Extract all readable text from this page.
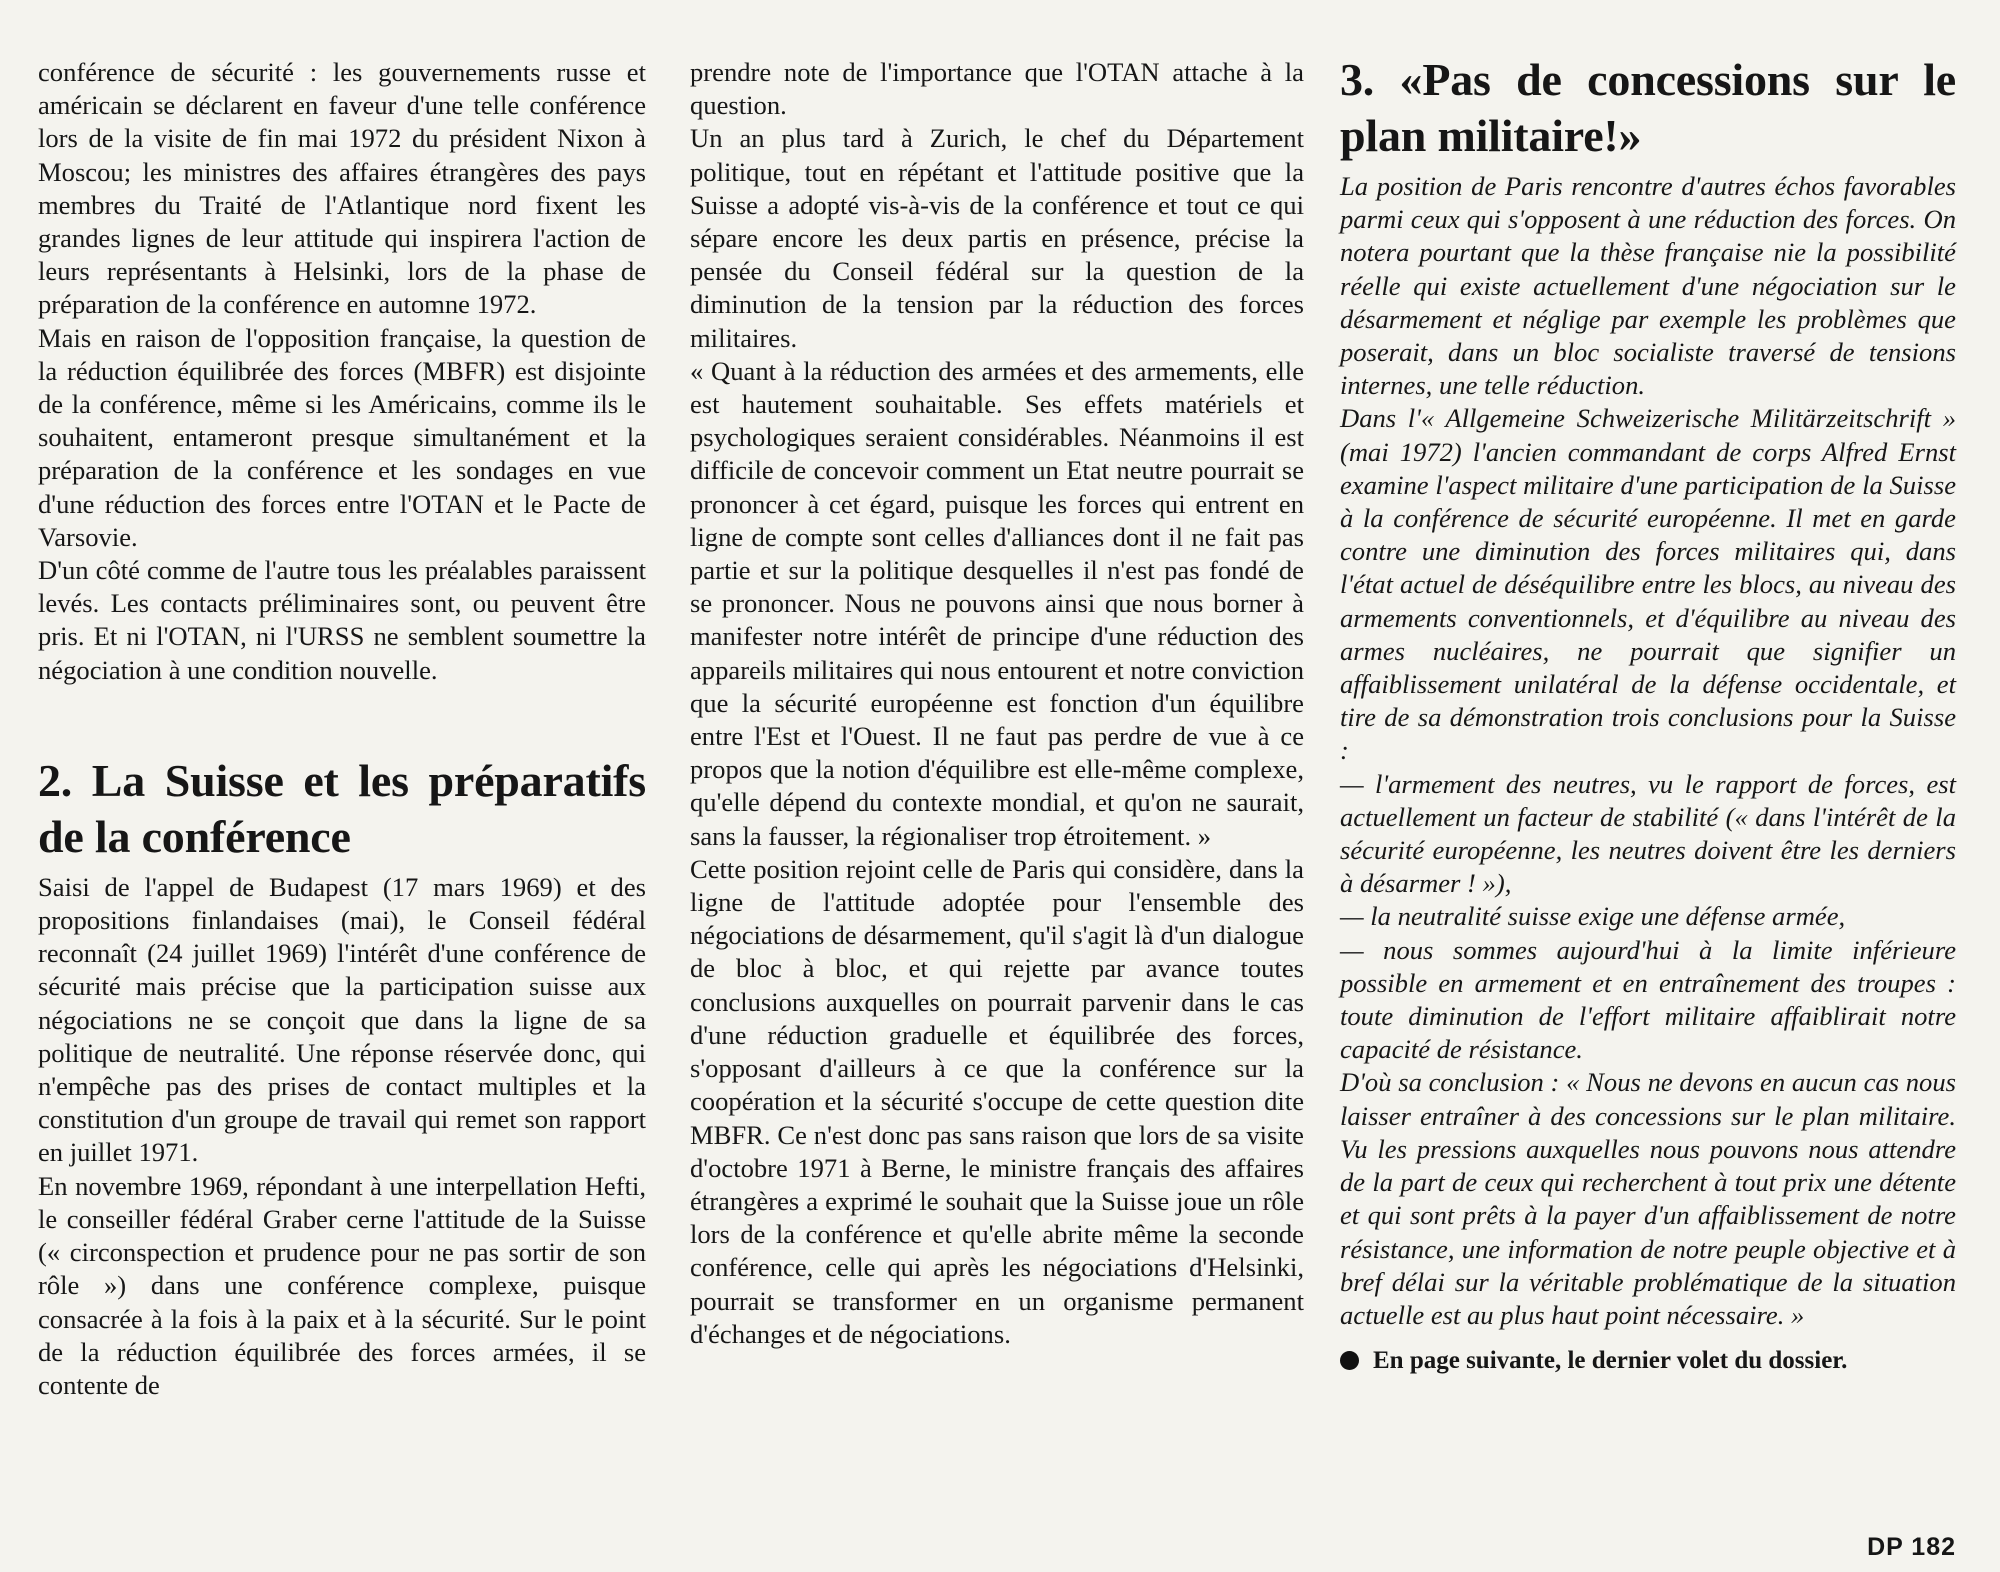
conférence de sécurité : les gouvernements russe et américain se déclarent en faveur d'une telle conférence lors de la visite de fin mai 1972 du président Nixon à Moscou; les ministres des affaires étrangères des pays membres du Traité de l'Atlantique nord fixent les grandes lignes de leur attitude qui inspirera l'action de leurs représentants à Helsinki, lors de la phase de préparation de la conférence en automne 1972.

Mais en raison de l'opposition française, la question de la réduction équilibrée des forces (MBFR) est disjointe de la conférence, même si les Américains, comme ils le souhaitent, entameront presque simultanément et la préparation de la conférence et les sondages en vue d'une réduction des forces entre l'OTAN et le Pacte de Varsovie.

D'un côté comme de l'autre tous les préalables paraissent levés. Les contacts préliminaires sont, ou peuvent être pris. Et ni l'OTAN, ni l'URSS ne semblent soumettre la négociation à une condition nouvelle.

2. La Suisse et les préparatifs de la conférence

Saisi de l'appel de Budapest (17 mars 1969) et des propositions finlandaises (mai), le Conseil fédéral reconnaît (24 juillet 1969) l'intérêt d'une conférence de sécurité mais précise que la participation suisse aux négociations ne se conçoit que dans la ligne de sa politique de neutralité. Une réponse réservée donc, qui n'empêche pas des prises de contact multiples et la constitution d'un groupe de travail qui remet son rapport en juillet 1971.

En novembre 1969, répondant à une interpellation Hefti, le conseiller fédéral Graber cerne l'attitude de la Suisse (« circonspection et prudence pour ne pas sortir de son rôle ») dans une conférence complexe, puisque consacrée à la fois à la paix et à la sécurité. Sur le point de la réduction équilibrée des forces armées, il se contente de

prendre note de l'importance que l'OTAN attache à la question.

Un an plus tard à Zurich, le chef du Département politique, tout en répétant et l'attitude positive que la Suisse a adopté vis-à-vis de la conférence et tout ce qui sépare encore les deux partis en présence, précise la pensée du Conseil fédéral sur la question de la diminution de la tension par la réduction des forces militaires.

« Quant à la réduction des armées et des armements, elle est hautement souhaitable. Ses effets matériels et psychologiques seraient considérables. Néanmoins il est difficile de concevoir comment un Etat neutre pourrait se prononcer à cet égard, puisque les forces qui entrent en ligne de compte sont celles d'alliances dont il ne fait pas partie et sur la politique desquelles il n'est pas fondé de se prononcer. Nous ne pouvons ainsi que nous borner à manifester notre intérêt de principe d'une réduction des appareils militaires qui nous entourent et notre conviction que la sécurité européenne est fonction d'un équilibre entre l'Est et l'Ouest. Il ne faut pas perdre de vue à ce propos que la notion d'équilibre est elle-même complexe, qu'elle dépend du contexte mondial, et qu'on ne saurait, sans la fausser, la régionaliser trop étroitement. »

Cette position rejoint celle de Paris qui considère, dans la ligne de l'attitude adoptée pour l'ensemble des négociations de désarmement, qu'il s'agit là d'un dialogue de bloc à bloc, et qui rejette par avance toutes conclusions auxquelles on pourrait parvenir dans le cas d'une réduction graduelle et équilibrée des forces, s'opposant d'ailleurs à ce que la conférence sur la coopération et la sécurité s'occupe de cette question dite MBFR. Ce n'est donc pas sans raison que lors de sa visite d'octobre 1971 à Berne, le ministre français des affaires étrangères a exprimé le souhait que la Suisse joue un rôle lors de la conférence et qu'elle abrite même la seconde conférence, celle qui après les négociations d'Helsinki, pourrait se transformer en un organisme permanent d'échanges et de négociations.

3. «Pas de concessions sur le plan militaire!»

La position de Paris rencontre d'autres échos favorables parmi ceux qui s'opposent à une réduction des forces. On notera pourtant que la thèse française nie la possibilité réelle qui existe actuellement d'une négociation sur le désarmement et néglige par exemple les problèmes que poserait, dans un bloc socialiste traversé de tensions internes, une telle réduction.

Dans l'« Allgemeine Schweizerische Militärzeitschrift » (mai 1972) l'ancien commandant de corps Alfred Ernst examine l'aspect militaire d'une participation de la Suisse à la conférence de sécurité européenne. Il met en garde contre une diminution des forces militaires qui, dans l'état actuel de déséquilibre entre les blocs, au niveau des armements conventionnels, et d'équilibre au niveau des armes nucléaires, ne pourrait que signifier un affaiblissement unilatéral de la défense occidentale, et tire de sa démonstration trois conclusions pour la Suisse :

— l'armement des neutres, vu le rapport de forces, est actuellement un facteur de stabilité (« dans l'intérêt de la sécurité européenne, les neutres doivent être les derniers à désarmer ! »),

— la neutralité suisse exige une défense armée,

— nous sommes aujourd'hui à la limite inférieure possible en armement et en entraînement des troupes : toute diminution de l'effort militaire affaiblirait notre capacité de résistance.

D'où sa conclusion : « Nous ne devons en aucun cas nous laisser entraîner à des concessions sur le plan militaire. Vu les pressions auxquelles nous pouvons nous attendre de la part de ceux qui recherchent à tout prix une détente et qui sont prêts à la payer d'un affaiblissement de notre résistance, une information de notre peuple objective et à bref délai sur la véritable problématique de la situation actuelle est au plus haut point nécessaire. »

En page suivante, le dernier volet du dossier.
DP 182
